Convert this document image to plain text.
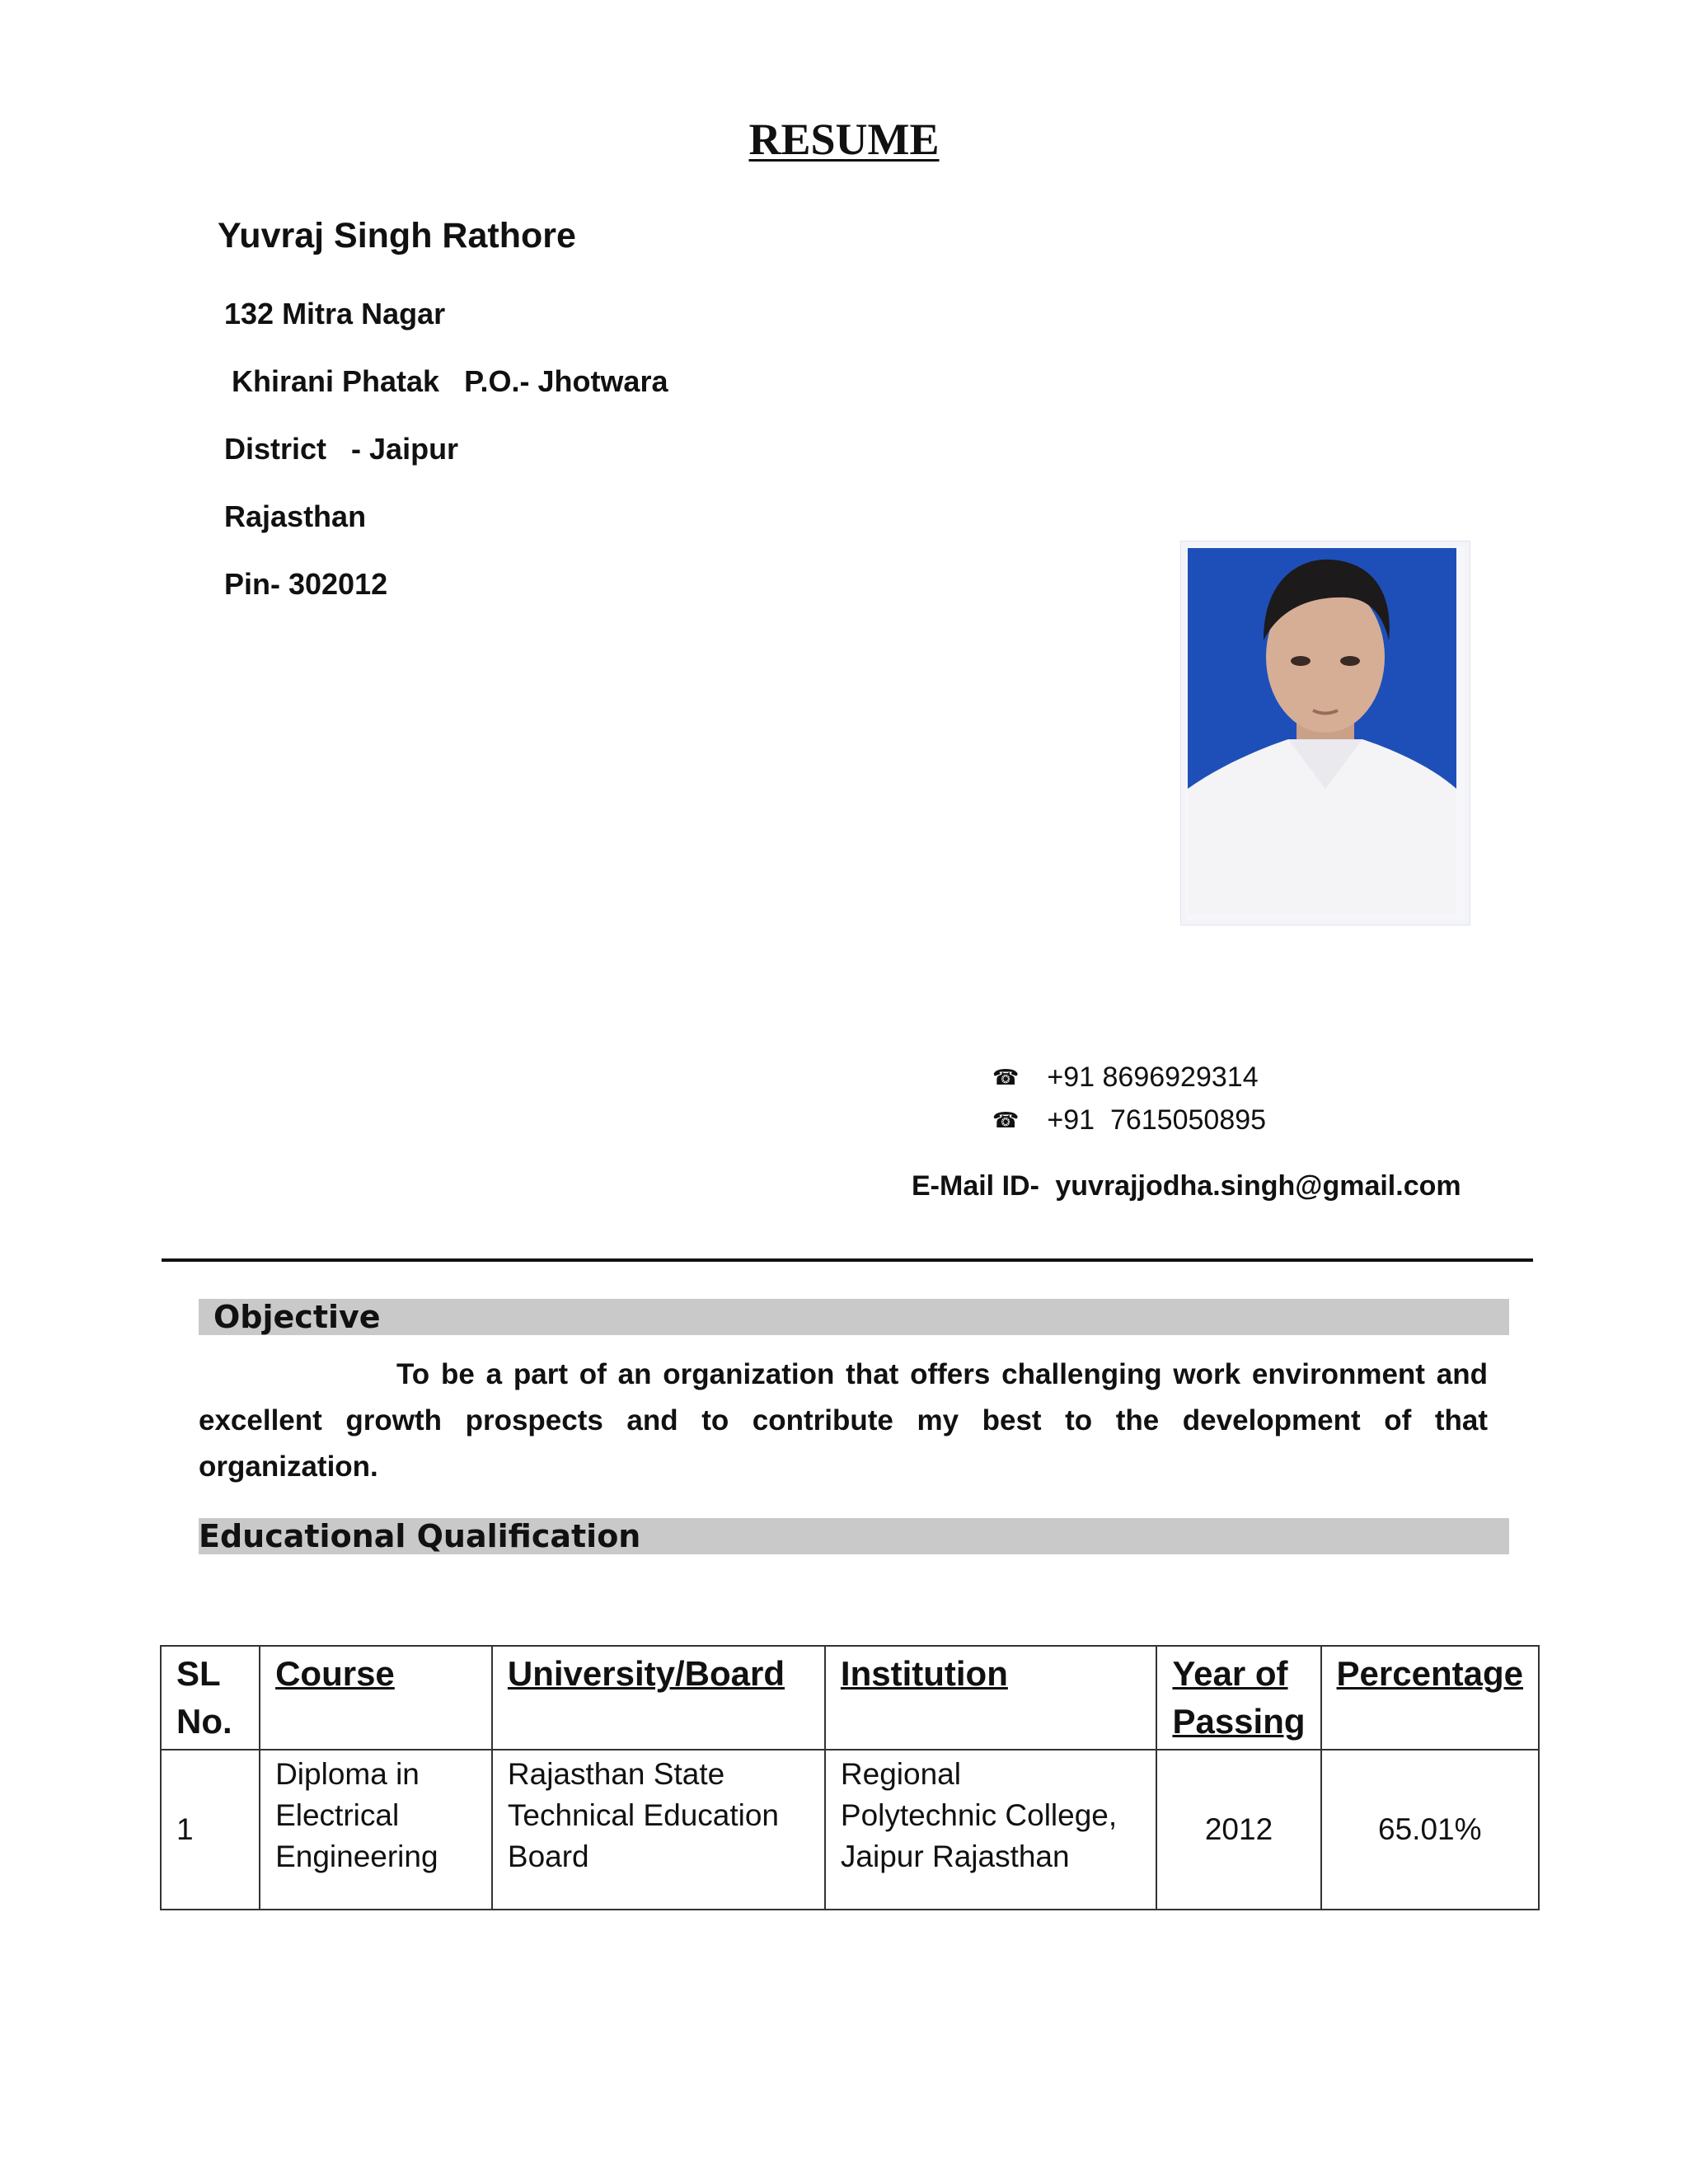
RESUME
Yuvraj Singh Rathore
132 Mitra Nagar
Khirani Phatak   P.O.- Jhotwara
District   - Jaipur
Rajasthan
Pin- 302012
☎ +91 8696929314
☎ +91  7615050895
E-Mail ID- yuvrajjodha.singh@gmail.com
Objective
To be a part of an organization that offers challenging work environment and excellent growth prospects and to contribute my best to the development of that organization.
Educational Qualification
SL No.	Course	University/Board	Institution	Year of Passing	Percentage
1	Diploma in Electrical Engineering	Rajasthan State Technical Education Board	Regional   Polytechnic College, Jaipur Rajasthan	2012	65.01%
